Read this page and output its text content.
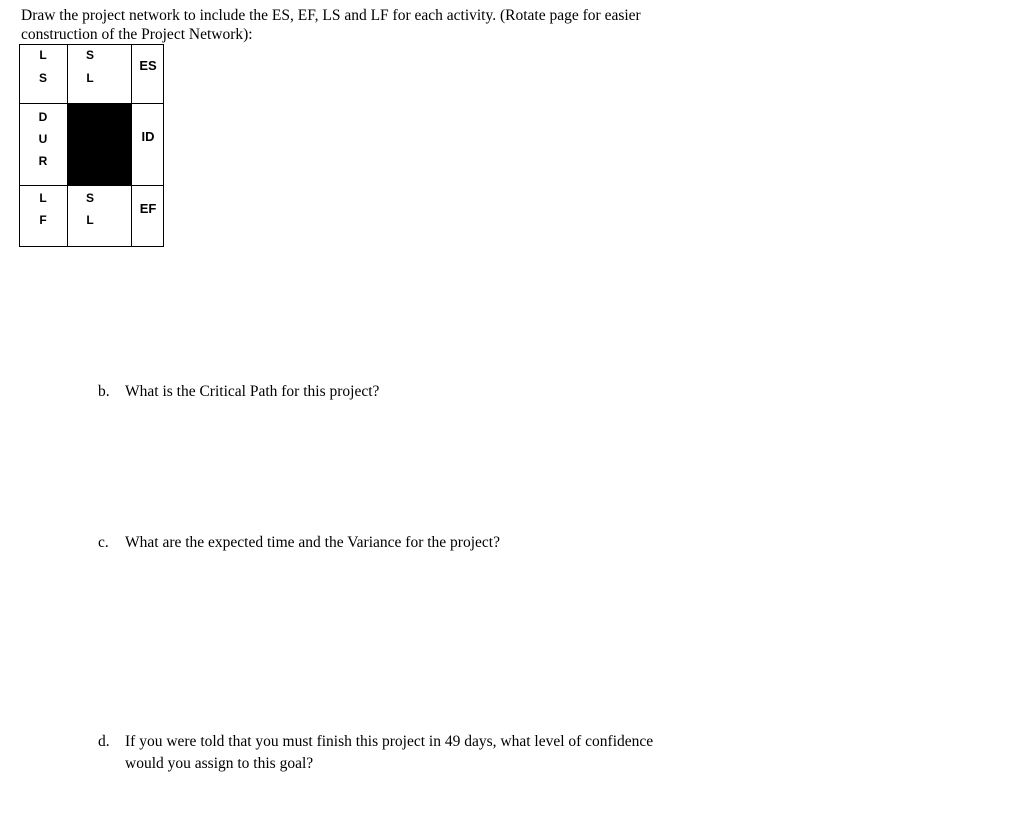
Draw the project network to include the ES, EF, LS and LF for each activity. (Rotate page for easier
construction of the Project Network):
L
S
S
L
ES
D
U
R
ID
L
F
S
L
EF
b. What is the Critical Path for this project?
c. What are the expected time and the Variance for the project?
d. If you were told that you must finish this project in 49 days, what level of confidence
would you assign to this goal?
